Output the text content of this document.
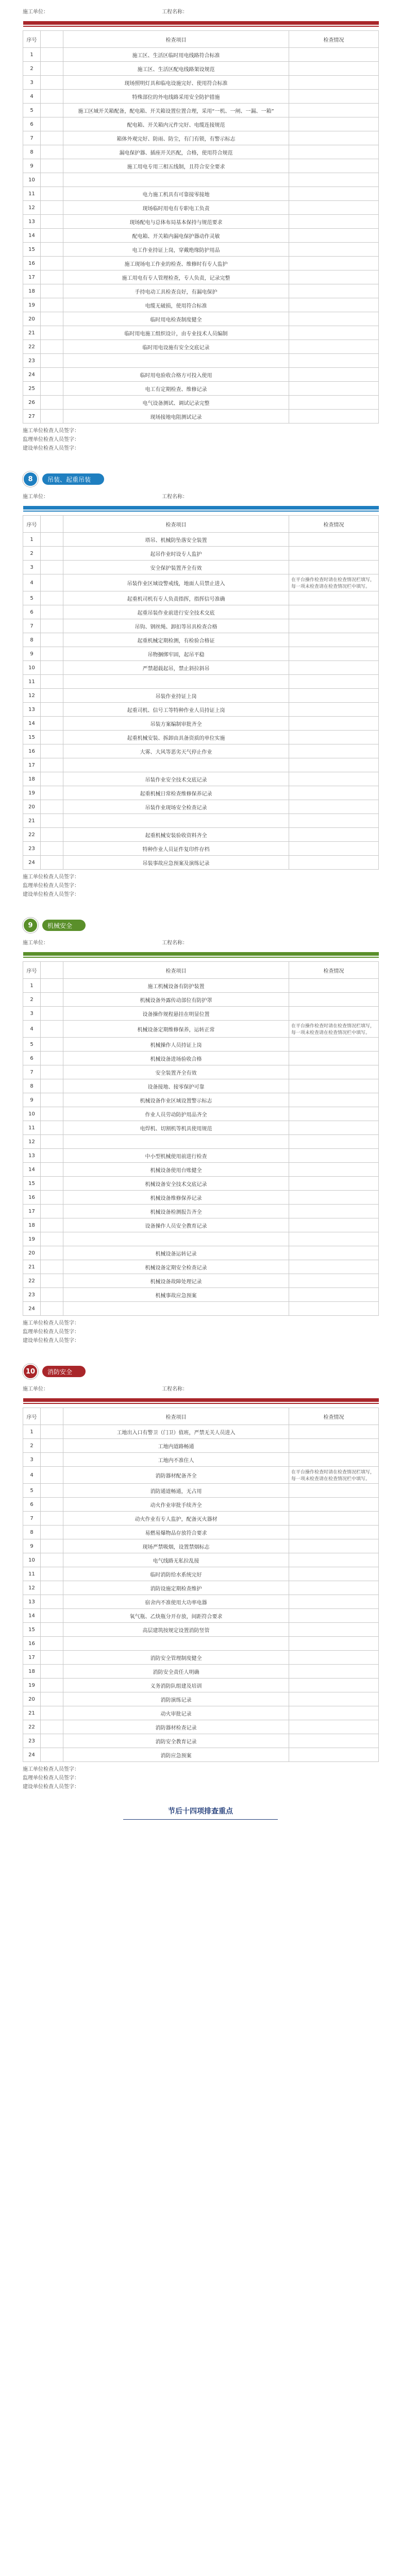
施工单位：	工程名称：

序号		检查项目	检查情况
1		施工区、生活区临时用电线路符合标准	
2		施工区、生活区配电线路架设规范	
3		现场照明灯具和临电设施完好、使用符合标准	
4		特殊部位的外电线路采用安全防护措施	
5		施工区域开关箱配备，配电箱、开关箱设置位置合理，采用“一机、一闸、一漏、一箱”	
6		配电箱、开关箱内元件完好、电缆连接规范	
7		箱体外观完好、防雨、防尘，有门有锁，有警示标志	
8		漏电保护器、插座开关匹配，合格，使用符合规范	
9		施工用电专用三相五线制，且符合安全要求	
10			
11		电力施工机具有可靠接零接地	
12		现场临时用电有专职电工负责	
13		现场配电与总体布局基本保持与规范要求	
14		配电箱、开关箱内漏电保护器动作灵敏	
15		电工作业持证上岗，穿戴绝缘防护用品	
16		施工现场电工作业的检查、维修时有专人监护	
17		施工用电有专人管理检查，专人负责，记录完整	
18		手持电动工具检查良好，有漏电保护	
19		电缆无破损，使用符合标准	
20		临时用电检查制度健全	
21		临时用电施工组织设计，由专业技术人员编制	
22		临时用电设施有安全交底记录	
23			
24		临时用电验收合格方可投入使用	
25		电工有定期检查、维修记录	
26		电气设备测试、调试记录完整	
27		现场接地电阻测试记录	
施工单位检查人员签字：
监理单位检查人员签字：
建设单位检查人员签字：
8	吊装、起重吊装
施工单位：	工程名称：

序号		检查项目	检查情况
1		塔吊、机械防坠落安全装置	
2		起吊作业时设专人监护	
3		安全保护装置齐全有效	
4		吊装作业区域设警戒线，地面人员禁止进入	在平台操作检查时请在检查情况栏填写，每一项未检查请在检查情况栏中填写。
5		起重机司机有专人负责指挥，指挥信号准确	
6		起重吊装作业前进行安全技术交底	
7		吊钩、钢丝绳、卸扣等吊具检查合格	
8		起重机械定期检测，有检验合格证	
9		吊物捆绑牢固，起吊平稳	
10		严禁超载起吊，禁止斜拉斜吊	
11			
12		吊装作业持证上岗	
13		起重司机、信号工等特种作业人员持证上岗	
14		吊装方案编制审批齐全	
15		起重机械安装、拆卸由具备资质的单位实施	
16		大雾、大风等恶劣天气停止作业	
17			
18		吊装作业安全技术交底记录	
19		起重机械日常检查维修保养记录	
20		吊装作业现场安全检查记录	
21			
22		起重机械安装验收资料齐全	
23		特种作业人员证件复印件存档	
24		吊装事故应急预案及演练记录	
施工单位检查人员签字：
监理单位检查人员签字：
建设单位检查人员签字：
9	机械安全
施工单位：	工程名称：

序号		检查项目	检查情况
1		施工机械设备有防护装置	
2		机械设备外露传动部位有防护罩	
3		设备操作规程悬挂在明显位置	
4		机械设备定期维修保养，运转正常	在平台操作检查时请在检查情况栏填写，每一项未检查请在检查情况栏中填写。
5		机械操作人员持证上岗	
6		机械设备进场验收合格	
7		安全装置齐全有效	
8		设备接地、接零保护可靠	
9		机械设备作业区域设置警示标志	
10		作业人员劳动防护用品齐全	
11		电焊机、切割机等机具使用规范	
12			
13		中小型机械使用前进行检查	
14		机械设备使用台账健全	
15		机械设备安全技术交底记录	
16		机械设备维修保养记录	
17		机械设备检测报告齐全	
18		设备操作人员安全教育记录	
19			
20		机械设备运转记录	
21		机械设备定期安全检查记录	
22		机械设备故障处理记录	
23		机械事故应急预案	
24			
施工单位检查人员签字：
监理单位检查人员签字：
建设单位检查人员签字：
10	消防安全
施工单位：	工程名称：

序号		检查项目	检查情况
1		工地出入口有警卫（门卫）值班，严禁无关人员进入	
2		工地内道路畅通	
3		工地内不准住人	
4		消防器材配备齐全	在平台操作检查时请在检查情况栏填写，每一项未检查请在检查情况栏中填写。
5		消防通道畅通，无占用	
6		动火作业审批手续齐全	
7		动火作业有专人监护，配备灭火器材	
8		易燃易爆物品存放符合要求	
9		现场严禁吸烟，设置禁烟标志	
10		电气线路无私拉乱接	
11		临时消防给水系统完好	
12		消防设施定期检查维护	
13		宿舍内不准使用大功率电器	
14		氧气瓶、乙炔瓶分开存放，间距符合要求	
15		高层建筑按规定设置消防竖管	
16			
17		消防安全管理制度健全	
18		消防安全责任人明确	
19		义务消防队组建及培训	
20		消防演练记录	
21		动火审批记录	
22		消防器材检查记录	
23		消防安全教育记录	
24		消防应急预案	
施工单位检查人员签字：
监理单位检查人员签字：
建设单位检查人员签字：
节后十四项排查重点
